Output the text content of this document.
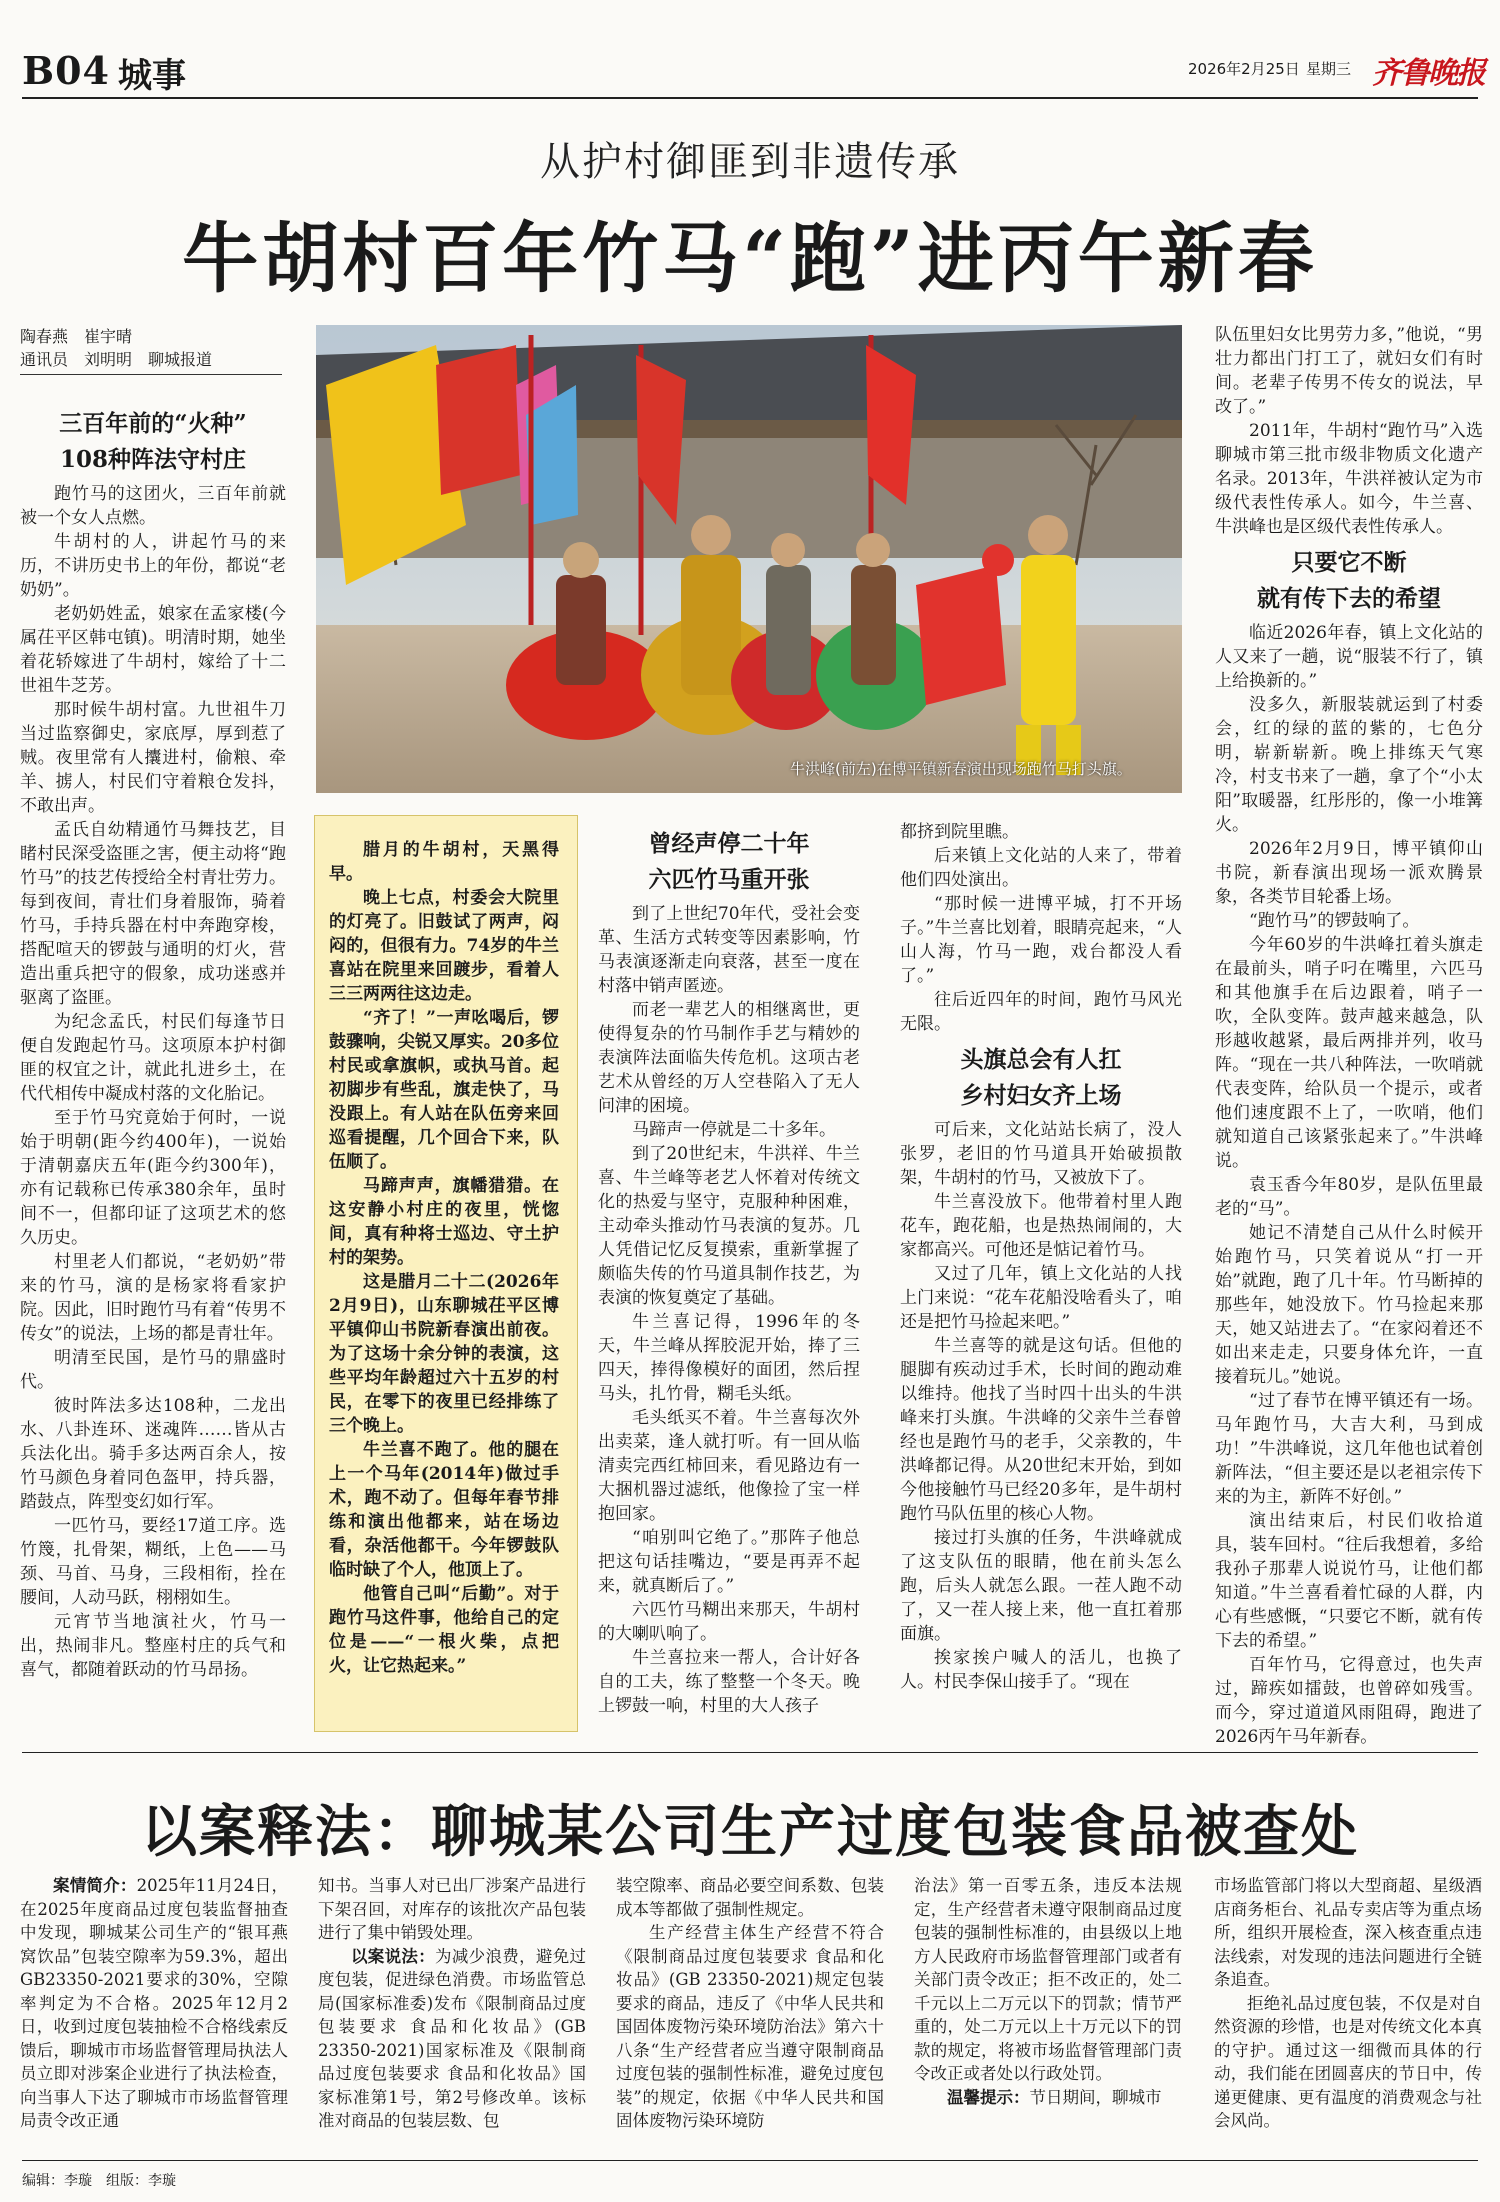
B04 城事	2026年2月25日 星期三 齐鲁晚报
从护村御匪到非遗传承
牛胡村百年竹马“跑”进丙午新春
陶春燕　崔宇晴
通讯员　刘明明　聊城报道

三百年前的“火种”
108种阵法守村庄

跑竹马的这团火，三百年前就被一个女人点燃。

牛胡村的人，讲起竹马的来历，不讲历史书上的年份，都说“老奶奶”。

老奶奶姓孟，娘家在孟家楼(今属茌平区韩屯镇)。明清时期，她坐着花轿嫁进了牛胡村，嫁给了十二世祖牛芝芳。

那时候牛胡村富。九世祖牛刀当过监察御史，家底厚，厚到惹了贼。夜里常有人攮进村，偷粮、牵羊、掳人，村民们守着粮仓发抖，不敢出声。

孟氏自幼精通竹马舞技艺，目睹村民深受盗匪之害，便主动将“跑竹马”的技艺传授给全村青壮劳力。每到夜间，青壮们身着服饰，骑着竹马，手持兵器在村中奔跑穿梭，搭配喧天的锣鼓与通明的灯火，营造出重兵把守的假象，成功迷惑并驱离了盗匪。

为纪念孟氏，村民们每逢节日便自发跑起竹马。这项原本护村御匪的权宜之计，就此扎进乡土，在代代相传中凝成村落的文化胎记。

至于竹马究竟始于何时，一说始于明朝(距今约400年)，一说始于清朝嘉庆五年(距今约300年)，亦有记载称已传承380余年，虽时间不一，但都印证了这项艺术的悠久历史。

村里老人们都说，“老奶奶”带来的竹马，演的是杨家将看家护院。因此，旧时跑竹马有着“传男不传女”的说法，上场的都是青壮年。

明清至民国，是竹马的鼎盛时代。

彼时阵法多达108种，二龙出水、八卦连环、迷魂阵……皆从古兵法化出。骑手多达两百余人，按竹马颜色身着同色盔甲，持兵器，踏鼓点，阵型变幻如行军。

一匹竹马，要经17道工序。选竹篾，扎骨架，糊纸，上色——马颈、马首、马身，三段相衔，拴在腰间，人动马跃，栩栩如生。

元宵节当地演社火，竹马一出，热闹非凡。整座村庄的兵气和喜气，都随着跃动的竹马昂扬。

牛洪峰(前左)在博平镇新春演出现场跑竹马打头旗。

腊月的牛胡村，天黑得早。

晚上七点，村委会大院里的灯亮了。旧鼓试了两声，闷闷的，但很有力。74岁的牛兰喜站在院里来回踱步，看着人三三两两往这边走。

“齐了！”一声吆喝后，锣鼓骤响，尖锐又厚实。20多位村民或拿旗帜，或执马首。起初脚步有些乱，旗走快了，马没跟上。有人站在队伍旁来回巡看提醒，几个回合下来，队伍顺了。

马蹄声声，旗幡猎猎。在这安静小村庄的夜里，恍惚间，真有种将士巡边、守土护村的架势。

这是腊月二十二(2026年2月9日)，山东聊城茌平区博平镇仰山书院新春演出前夜。为了这场十余分钟的表演，这些平均年龄超过六十五岁的村民，在零下的夜里已经排练了三个晚上。

牛兰喜不跑了。他的腿在上一个马年(2014年)做过手术，跑不动了。但每年春节排练和演出他都来，站在场边看，杂活他都干。今年锣鼓队临时缺了个人，他顶上了。

他管自己叫“后勤”。对于跑竹马这件事，他给自己的定位是——“一根火柴，点把火，让它热起来。”

曾经声停二十年
六匹竹马重开张

到了上世纪70年代，受社会变革、生活方式转变等因素影响，竹马表演逐渐走向衰落，甚至一度在村落中销声匿迹。

而老一辈艺人的相继离世，更使得复杂的竹马制作手艺与精妙的表演阵法面临失传危机。这项古老艺术从曾经的万人空巷陷入了无人问津的困境。

马蹄声一停就是二十多年。

到了20世纪末，牛洪祥、牛兰喜、牛兰峰等老艺人怀着对传统文化的热爱与坚守，克服种种困难，主动牵头推动竹马表演的复苏。几人凭借记忆反复摸索，重新掌握了颇临失传的竹马道具制作技艺，为表演的恢复奠定了基础。

牛兰喜记得，1996年的冬天，牛兰峰从挥胶泥开始，捧了三四天，捧得像模好的面团，然后捏马头，扎竹骨，糊毛头纸。

毛头纸买不着。牛兰喜每次外出卖菜，逢人就打听。有一回从临清卖完西红柿回来，看见路边有一大捆机器过滤纸，他像捡了宝一样抱回家。

“咱别叫它绝了。”那阵子他总把这句话挂嘴边，“要是再弄不起来，就真断后了。”

六匹竹马糊出来那天，牛胡村的大喇叭响了。

牛兰喜拉来一帮人，合计好各自的工夫，练了整整一个冬天。晚上锣鼓一响，村里的大人孩子

都挤到院里瞧。

后来镇上文化站的人来了，带着他们四处演出。

“那时候一进博平城，打不开场子。”牛兰喜比划着，眼睛亮起来，“人山人海，竹马一跑，戏台都没人看了。”

往后近四年的时间，跑竹马风光无限。

头旗总会有人扛
乡村妇女齐上场

可后来，文化站站长病了，没人张罗，老旧的竹马道具开始破损散架，牛胡村的竹马，又被放下了。

牛兰喜没放下。他带着村里人跑花车，跑花船，也是热热闹闹的，大家都高兴。可他还是惦记着竹马。

又过了几年，镇上文化站的人找上门来说：“花车花船没啥看头了，咱还是把竹马捡起来吧。”

牛兰喜等的就是这句话。但他的腿脚有疾动过手术，长时间的跑动难以维持。他找了当时四十出头的牛洪峰来打头旗。牛洪峰的父亲牛兰春曾经也是跑竹马的老手，父亲教的，牛洪峰都记得。从20世纪末开始，到如今他接触竹马已经20多年，是牛胡村跑竹马队伍里的核心人物。

接过打头旗的任务，牛洪峰就成了这支队伍的眼睛，他在前头怎么跑，后头人就怎么跟。一茬人跑不动了，又一茬人接上来，他一直扛着那面旗。

挨家挨户喊人的活儿，也换了人。村民李保山接手了。“现在

队伍里妇女比男劳力多，”他说，“男壮力都出门打工了，就妇女们有时间。老辈子传男不传女的说法，早改了。”

2011年，牛胡村“跑竹马”入选聊城市第三批市级非物质文化遗产名录。2013年，牛洪祥被认定为市级代表性传承人。如今，牛兰喜、牛洪峰也是区级代表性传承人。

只要它不断
就有传下去的希望

临近2026年春，镇上文化站的人又来了一趟，说“服装不行了，镇上给换新的。”

没多久，新服装就运到了村委会，红的绿的蓝的紫的，七色分明，崭新崭新。晚上排练天气寒冷，村支书来了一趟，拿了个“小太阳”取暖器，红彤彤的，像一小堆篝火。

2026年2月9日，博平镇仰山书院，新春演出现场一派欢腾景象，各类节目轮番上场。

“跑竹马”的锣鼓响了。

今年60岁的牛洪峰扛着头旗走在最前头，哨子叼在嘴里，六匹马和其他旗手在后边跟着，哨子一吹，全队变阵。鼓声越来越急，队形越收越紧，最后两排并列，收马阵。“现在一共八种阵法，一吹哨就代表变阵，给队员一个提示，或者他们速度跟不上了，一吹哨，他们就知道自己该紧张起来了。”牛洪峰说。

袁玉香今年80岁，是队伍里最老的“马”。

她记不清楚自己从什么时候开始跑竹马，只笑着说从“打一开始”就跑，跑了几十年。竹马断掉的那些年，她没放下。竹马捡起来那天，她又站进去了。“在家闷着还不如出来走走，只要身体允许，一直接着玩儿。”她说。

“过了春节在博平镇还有一场。马年跑竹马，大吉大利，马到成功！”牛洪峰说，这几年他也试着创新阵法，“但主要还是以老祖宗传下来的为主，新阵不好创。”

演出结束后，村民们收拾道具，装车回村。“往后我想着，多给我孙子那辈人说说竹马，让他们都知道。”牛兰喜看着忙碌的人群，内心有些感慨，“只要它不断，就有传下去的希望。”

百年竹马，它得意过，也失声过，蹄疾如擂鼓，也曾碎如残雪。而今，穿过道道风雨阻碍，跑进了2026丙午马年新春。

以案释法：聊城某公司生产过度包装食品被查处

案情简介：2025年11月24日，在2025年度商品过度包装监督抽查中发现，聊城某公司生产的“银耳燕窝饮品”包装空隙率为59.3%，超出GB23350-2021要求的30%，空隙率判定为不合格。2025年12月2日，收到过度包装抽检不合格线索反馈后，聊城市市场监督管理局执法人员立即对涉案企业进行了执法检查，向当事人下达了聊城市市场监督管理局责令改正通

知书。当事人对已出厂涉案产品进行下架召回，对库存的该批次产品包装进行了集中销毁处理。

以案说法：为减少浪费，避免过度包装，促进绿色消费。市场监管总局(国家标准委)发布《限制商品过度包装要求 食品和化妆品》(GB 23350-2021)国家标准及《限制商品过度包装要求 食品和化妆品》国家标准第1号，第2号修改单。该标准对商品的包装层数、包

装空隙率、商品必要空间系数、包装成本等都做了强制性规定。

生产经营主体生产经营不符合《限制商品过度包装要求 食品和化妆品》(GB 23350-2021)规定包装要求的商品，违反了《中华人民共和国固体废物污染环境防治法》第六十八条“生产经营者应当遵守限制商品过度包装的强制性标准，避免过度包装”的规定，依据《中华人民共和国固体废物污染环境防

治法》第一百零五条，违反本法规定，生产经营者未遵守限制商品过度包装的强制性标准的，由县级以上地方人民政府市场监督管理部门或者有关部门责令改正；拒不改正的，处二千元以上二万元以下的罚款；情节严重的，处二万元以上十万元以下的罚款的规定，将被市场监督管理部门责令改正或者处以行政处罚。

温馨提示：节日期间，聊城市

市场监管部门将以大型商超、星级酒店商务柜台、礼品专卖店等为重点场所，组织开展检查，深入核查重点违法线索，对发现的违法问题进行全链条追查。

拒绝礼品过度包装，不仅是对自然资源的珍惜，也是对传统文化本真的守护。通过这一细微而具体的行动，我们能在团圆喜庆的节日中，传递更健康、更有温度的消费观念与社会风尚。

编辑：李璇　组版：李璇
